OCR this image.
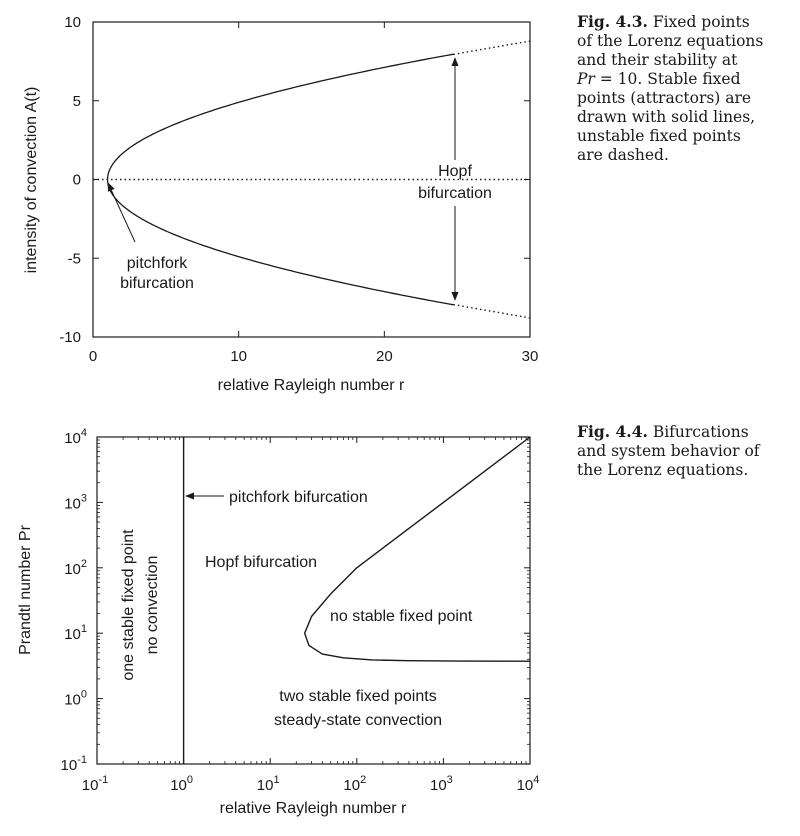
0	10	20	30
10
5
0
-5
-10
relative Rayleigh number r
intensity of convection A(t)	pitchfork
bifurcation
Hopf
bifurcation
$10^{-1}$	$10^0$	$10^1$	$10^2$	$10^3$	$10^4$
$10^4$
$10^3$
$10^2$
$10^1$
$10^0$
$10^{-1}$
relative Rayleigh number r
Prandtl number Pr	one stable fixed point no convection
pitchfork bifurcation
Hopf bifurcation
no stable fixed point
two stable fixed points
steady-state convection
Fig. 4.3. Fixed points
of the Lorenz equations
and their stability at
Pr = 10. Stable fixed
points (attractors) are
drawn with solid lines,
unstable fixed points
are dashed.
Fig. 4.4. Bifurcations
and system behavior of
the Lorenz equations.
